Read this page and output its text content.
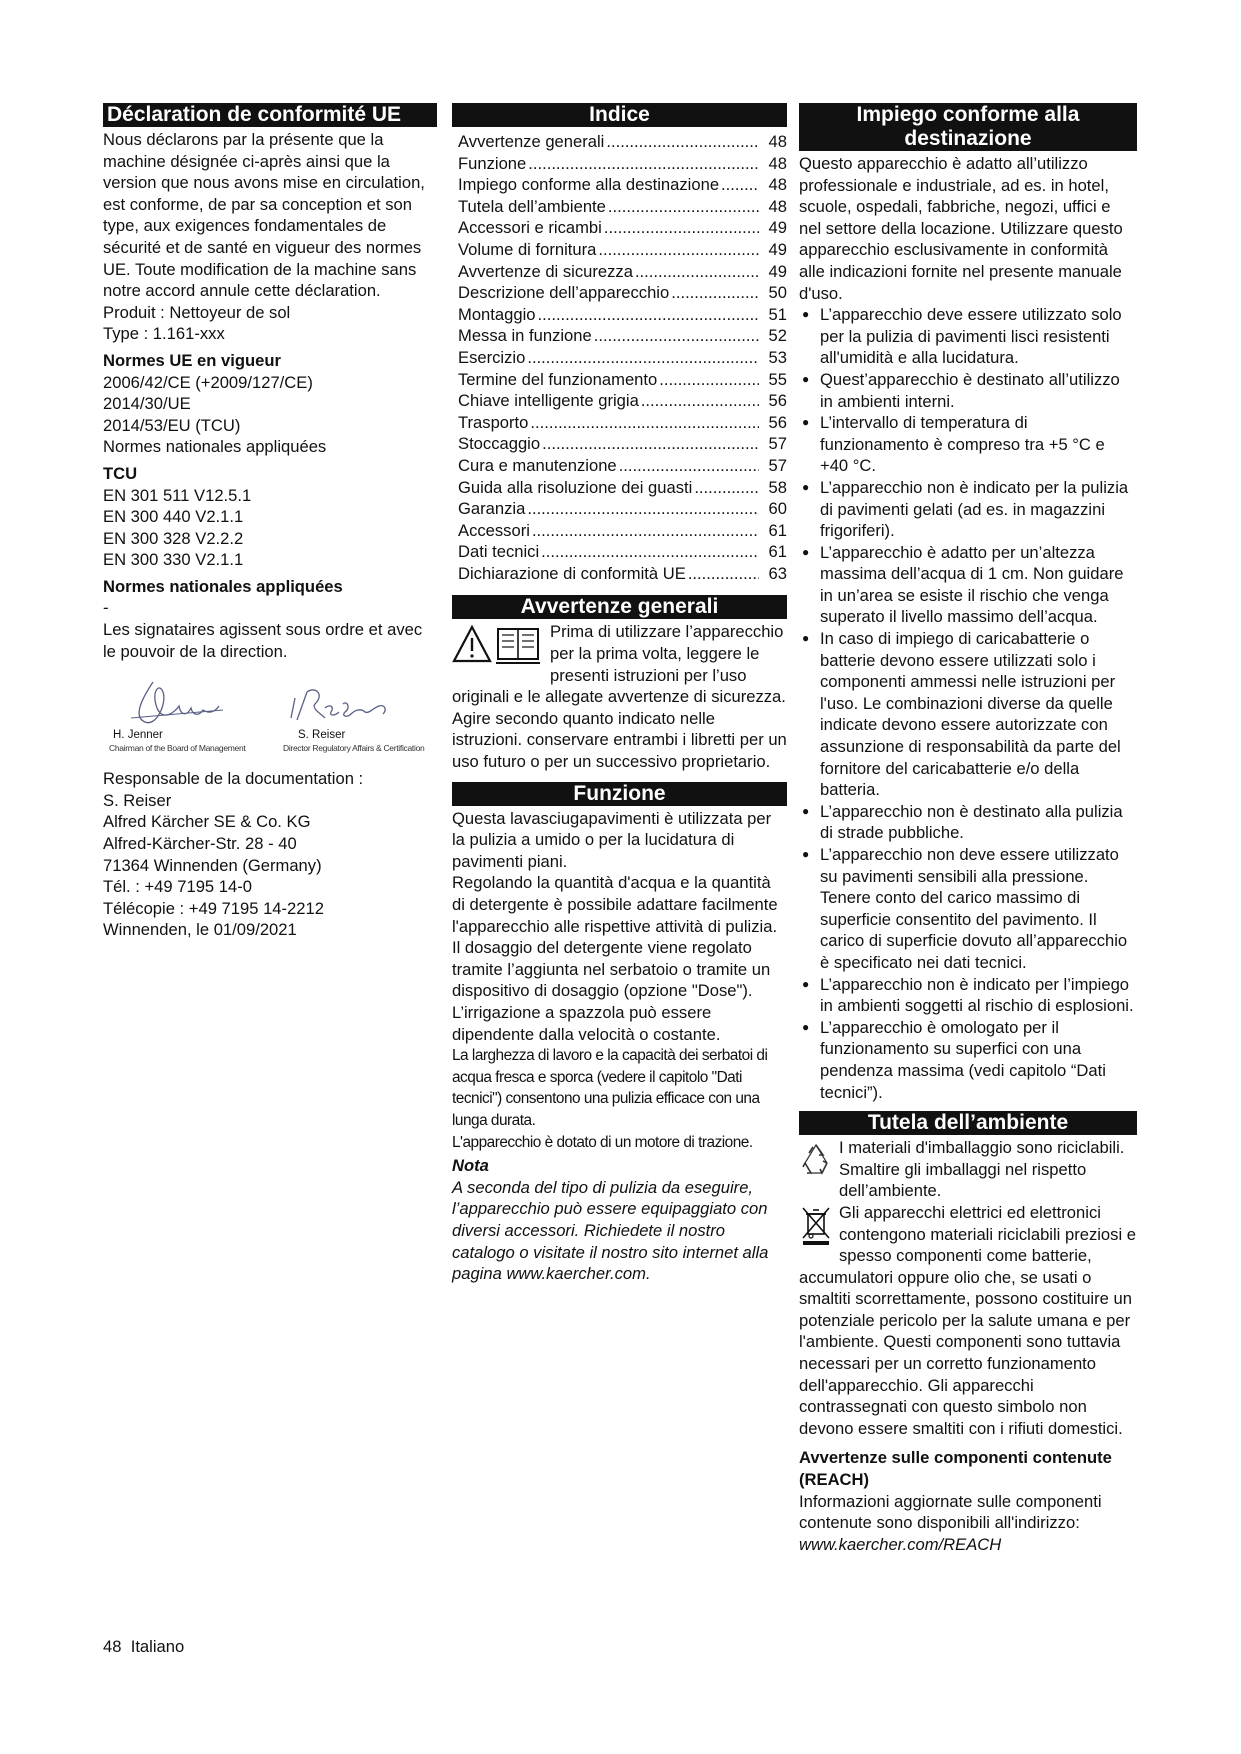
Déclaration de conformité UE

Nous déclarons par la présente que la machine désignée ci-après ainsi que la version que nous avons mise en circulation, est conforme, de par sa conception et son type, aux exigences fondamentales de sécurité et de santé en vigueur des normes UE. Toute modification de la machine sans notre accord annule cette déclaration.

Produit : Nettoyeur de sol

Type : 1.161-xxx

Normes UE en vigueur

2006/42/CE (+2009/127/CE)

2014/30/UE

2014/53/EU (TCU)

Normes nationales appliquées

TCU

EN 301 511 V12.5.1

EN 300 440 V2.1.1

EN 300 328 V2.2.2

EN 300 330 V2.1.1

Normes nationales appliquées

-

Les signataires agissent sous ordre et avec le pouvoir de la direction.

H. Jenner
Chairman of the Board of Management
S. Reiser
Director Regulatory Affairs & Certification

Responsable de la documentation :

S. Reiser

Alfred Kärcher SE & Co. KG

Alfred-Kärcher-Str. 28 - 40

71364 Winnenden (Germany)

Tél. : +49 7195 14-0

Télécopie : +49 7195 14-2212

Winnenden, le 01/09/2021

Indice
Avvertenze generali .....	48
Funzione .....	48
Impiego conforme alla destinazione .....	48
Tutela dell’ambiente .....	48
Accessori e ricambi .....	49
Volume di fornitura .....	49
Avvertenze di sicurezza .....	49
Descrizione dell’apparecchio .....	50
Montaggio .....	51
Messa in funzione .....	52
Esercizio .....	53
Termine del funzionamento .....	55
Chiave intelligente grigia .....	56
Trasporto .....	56
Stoccaggio .....	57
Cura e manutenzione .....	57
Guida alla risoluzione dei guasti .....	58
Garanzia .....	60
Accessori .....	61
Dati tecnici .....	61
Dichiarazione di conformità UE .....	63
Avvertenze generali

Prima di utilizzare l’apparecchio per la prima volta, leggere le presenti istruzioni per l’uso originali e le allegate avvertenze di sicurezza. Agire secondo quanto indicato nelle istruzioni. conservare entrambi i libretti per un uso futuro o per un successivo proprietario.

Funzione

Questa lavasciugapavimenti è utilizzata per la pulizia a umido o per la lucidatura di pavimenti piani.

Regolando la quantità d'acqua e la quantità di detergente è possibile adattare facilmente l'apparecchio alle rispettive attività di pulizia. Il dosaggio del detergente viene regolato tramite l’aggiunta nel serbatoio o tramite un dispositivo di dosaggio (opzione "Dose").

L’irrigazione a spazzola può essere dipendente dalla velocità o costante.

La larghezza di lavoro e la capacità dei serbatoi di acqua fresca e sporca (vedere il capitolo "Dati tecnici") consentono una pulizia efficace con una lunga durata.

L'apparecchio è dotato di un motore di trazione.

Nota

A seconda del tipo di pulizia da eseguire, l’apparecchio può essere equipaggiato con diversi accessori. Richiedete il nostro catalogo o visitate il nostro sito internet alla pagina www.kaercher.com.

Impiego conforme alla
destinazione

Questo apparecchio è adatto all’utilizzo professionale e industriale, ad es. in hotel, scuole, ospedali, fabbriche, negozi, uffici e nel settore della locazione. Utilizzare questo apparecchio esclusivamente in conformità alle indicazioni fornite nel presente manuale d'uso.

● L’apparecchio deve essere utilizzato solo per la pulizia di pavimenti lisci resistenti all'umidità e alla lucidatura.
● Quest’apparecchio è destinato all’utilizzo in ambienti interni.
● L’intervallo di temperatura di funzionamento è compreso tra +5 °C e +40 °C.
● L’apparecchio non è indicato per la pulizia di pavimenti gelati (ad es. in magazzini frigoriferi).
● L’apparecchio è adatto per un’altezza massima dell’acqua di 1 cm. Non guidare in un’area se esiste il rischio che venga superato il livello massimo dell’acqua.
● In caso di impiego di caricabatterie o batterie devono essere utilizzati solo i componenti ammessi nelle istruzioni per l'uso. Le combinazioni diverse da quelle indicate devono essere autorizzate con assunzione di responsabilità da parte del fornitore del caricabatterie e/o della batteria.
● L’apparecchio non è destinato alla pulizia di strade pubbliche.
● L’apparecchio non deve essere utilizzato su pavimenti sensibili alla pressione. Tenere conto del carico massimo di superficie consentito del pavimento. Il carico di superficie dovuto all’apparecchio è specificato nei dati tecnici.
● L’apparecchio non è indicato per l’impiego in ambienti soggetti al rischio di esplosioni.
● L’apparecchio è omologato per il funzionamento su superfici con una pendenza massima (vedi capitolo “Dati tecnici”).
Tutela dell’ambiente

I materiali d'imballaggio sono riciclabili. Smaltire gli imballaggi nel rispetto dell’ambiente.

Gli apparecchi elettrici ed elettronici contengono materiali riciclabili preziosi e spesso componenti come batterie, accumulatori oppure olio che, se usati o smaltiti scorrettamente, possono costituire un potenziale pericolo per la salute umana e per l'ambiente. Questi componenti sono tuttavia necessari per un corretto funzionamento dell'apparecchio. Gli apparecchi contrassegnati con questo simbolo non devono essere smaltiti con i rifiuti domestici.

Avvertenze sulle componenti contenute (REACH)

Informazioni aggiornate sulle componenti contenute sono disponibili all'indirizzo:

www.kaercher.com/REACH

48 Italiano
